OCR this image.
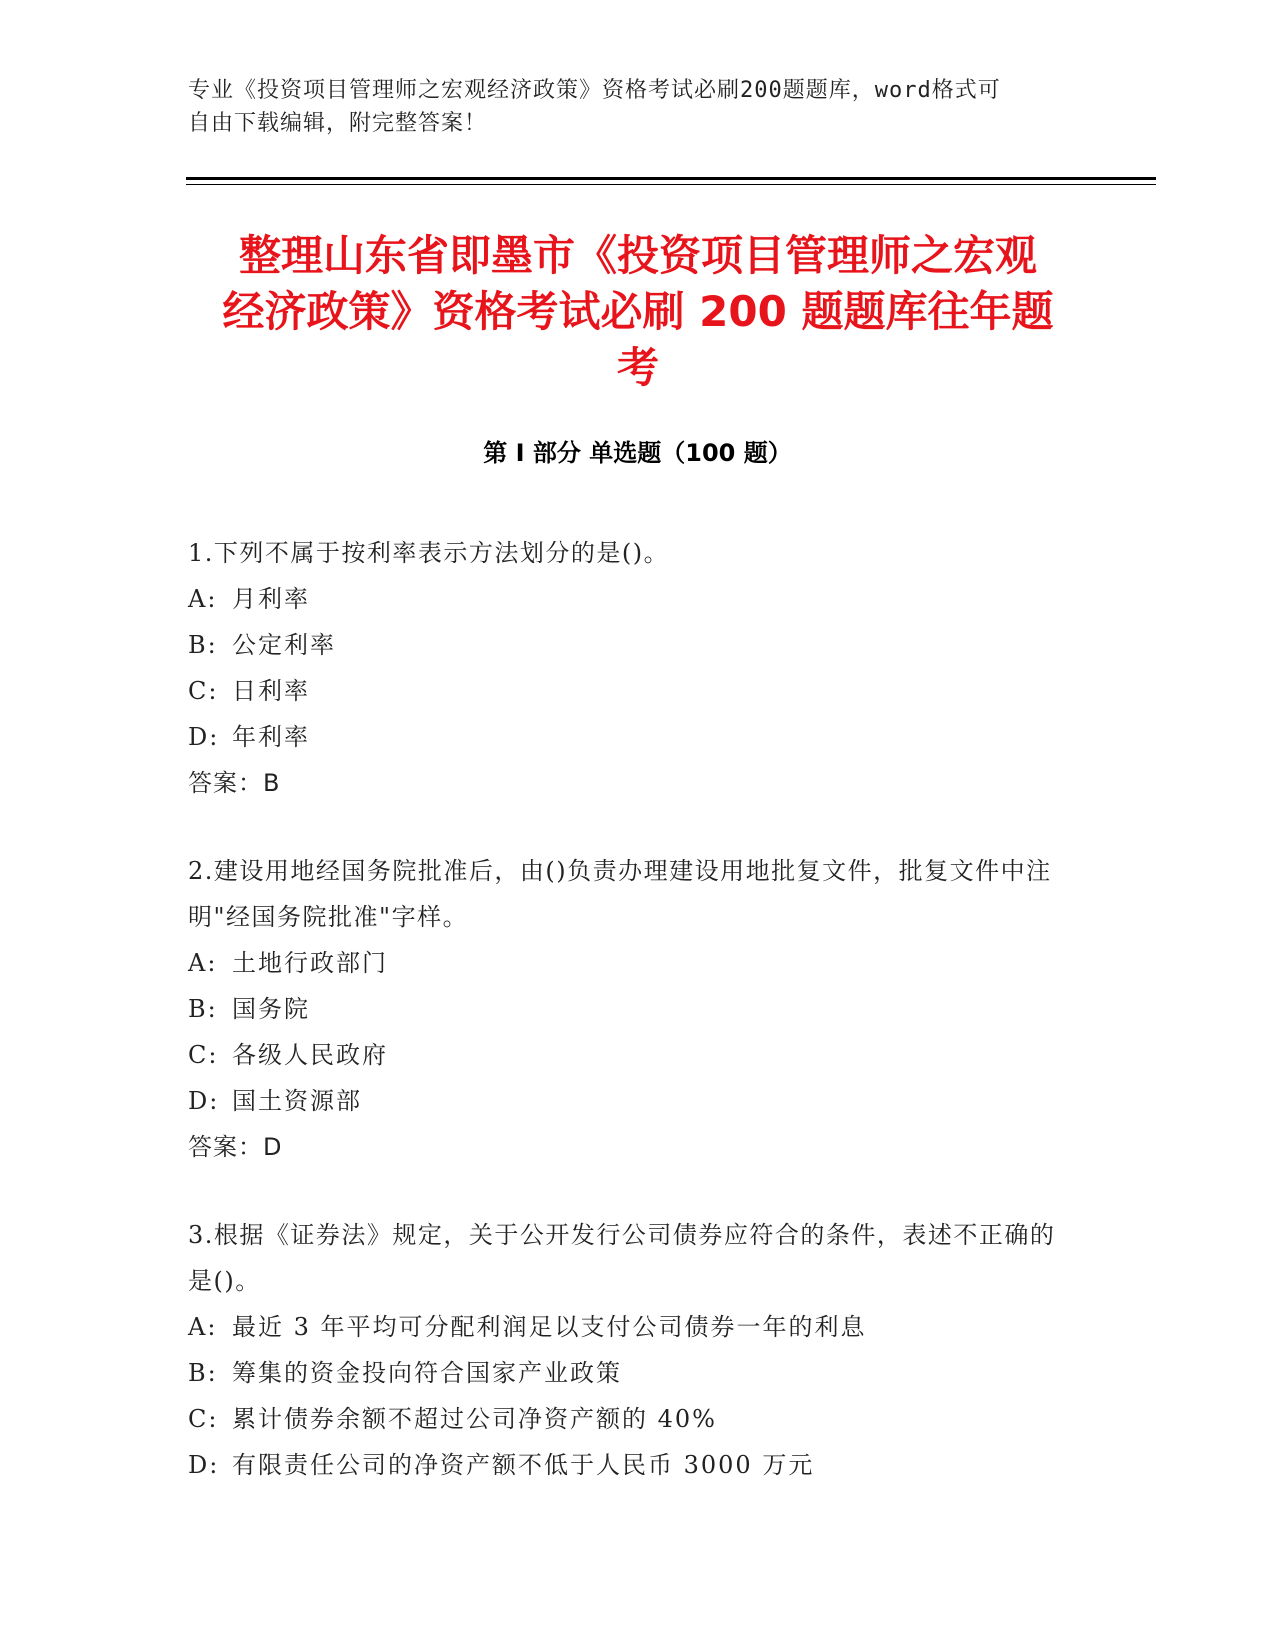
专业《投资项目管理师之宏观经济政策》资格考试必刷200题题库，word格式可
自由下载编辑，附完整答案！
整理山东省即墨市《投资项目管理师之宏观
经济政策》资格考试必刷 200 题题库往年题
考
第 I 部分 单选题（100 题）
1.下列不属于按利率表示方法划分的是()。
A: 月利率
B: 公定利率
C: 日利率
D: 年利率
答案：B
2.建设用地经国务院批准后，由()负责办理建设用地批复文件，批复文件中注明"经国务院批准"字样。
A: 土地行政部门
B: 国务院
C: 各级人民政府
D: 国土资源部
答案：D
3.根据《证券法》规定，关于公开发行公司债券应符合的条件，表述不正确的是()。
A: 最近 3 年平均可分配利润足以支付公司债券一年的利息
B: 筹集的资金投向符合国家产业政策
C: 累计债券余额不超过公司净资产额的 40%
D: 有限责任公司的净资产额不低于人民币 3000 万元
